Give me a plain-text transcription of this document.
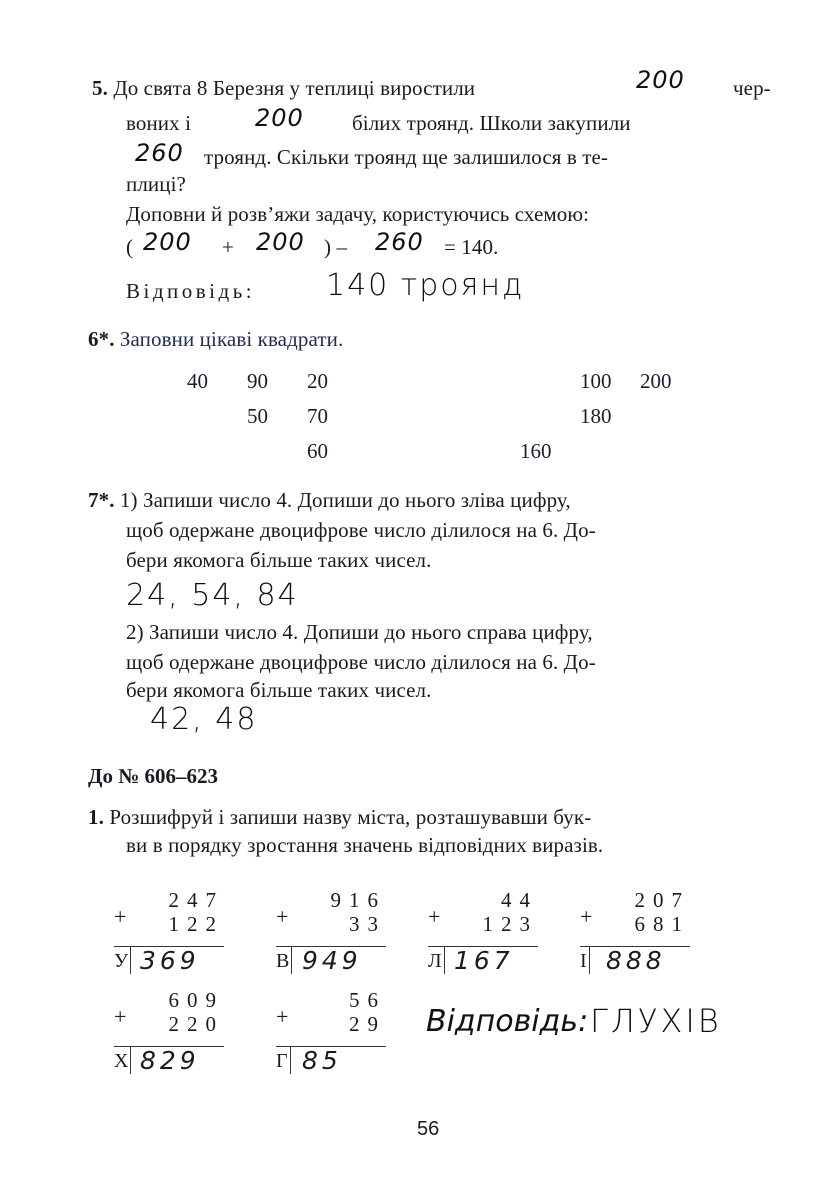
5. До свята 8 Березня у теплиці виростили	200 чер-
воних і	200 білих троянд. Школи закупили
260 троянд. Скільки троянд ще залишилося в те-
плиці?
Доповни й розв’яжи задачу, користуючись схемою:
( 200 + 200 ) – 260 = 140.
Відповідь: 140 троянд
6*. Заповни цікаві квадрати.
40 90 20
50 70
60
100 200
180
160
7*. 1) Запиши число 4. Допиши до нього зліва цифру,
щоб одержане двоцифрове число ділилося на 6. До-
бери якомога більше таких чисел.
24, 54, 84
2) Запиши число 4. Допиши до нього справа цифру,
щоб одержане двоцифрове число ділилося на 6. До-
бери якомога більше таких чисел.
42, 48
До № 606–623
1. Розшифруй і запиши назву міста, розташувавши бук-
ви в порядку зростання значень відповідних виразів.
+
247
122
У 369
+
916
33
В 949
+
44
123
Л 167
+
207
681
І 888
+
609
220
Х 829
+
56
29
Г 85
Відповідь: ГЛУХІВ
56
